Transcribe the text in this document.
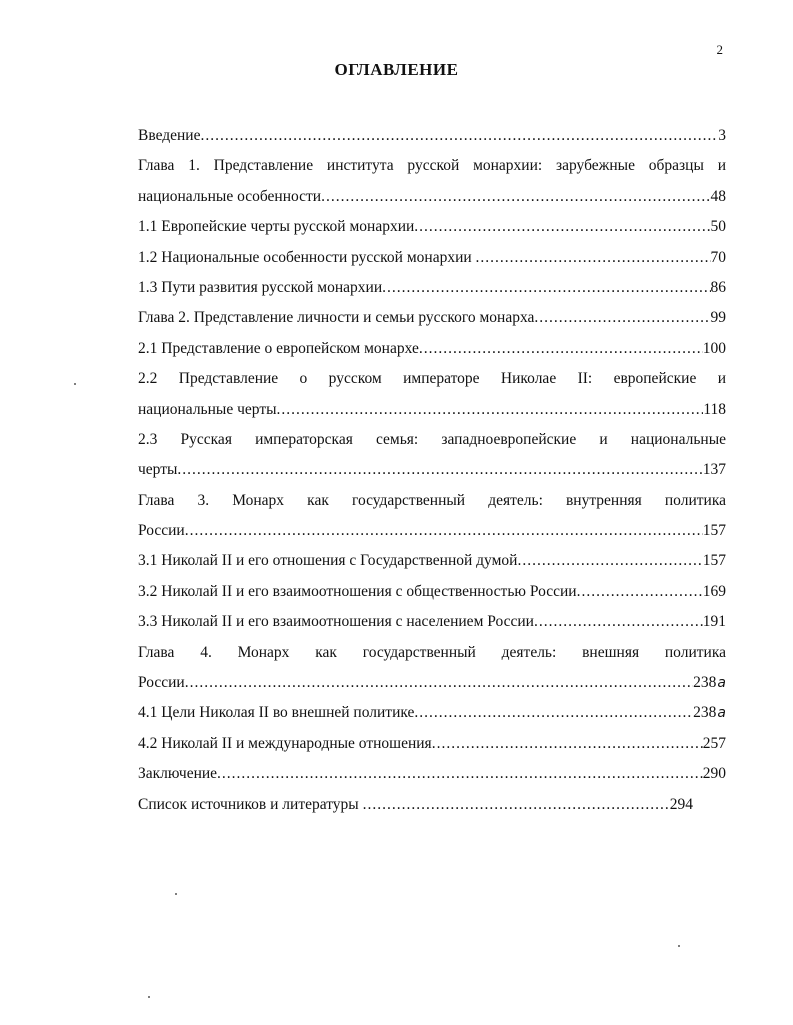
2
ОГЛАВЛЕНИЕ
Введение .....	3
Глава 1. Представление института русской монархии: зарубежные образцы и
национальные особенности .....	48
1.1 Европейские черты русской монархии .....	50
1.2 Национальные особенности русской монархии .....	70
1.3 Пути развития русской монархии .....	86
Глава 2. Представление личности и семьи русского монарха .....	99
2.1 Представление о европейском монархе .....	100
2.2 Представление о русском императоре Николае II: европейские и
национальные черты .....	118
2.3 Русская императорская семья: западноевропейские и национальные
черты .....	137
Глава 3. Монарх как государственный деятель: внутренняя политика
России .....	157
3.1 Николай II и его отношения с Государственной думой .....	157
3.2 Николай II и его взаимоотношения с общественностью России .....	169
3.3 Николай II и его взаимоотношения с населением России .....	191
Глава 4. Монарх как государственный деятель: внешняя политика
России .....	238а
4.1 Цели Николая II во внешней политике .....	238а
4.2 Николай II и международные отношения .....	257
Заключение .....	290
Список источников и литературы .....	294
